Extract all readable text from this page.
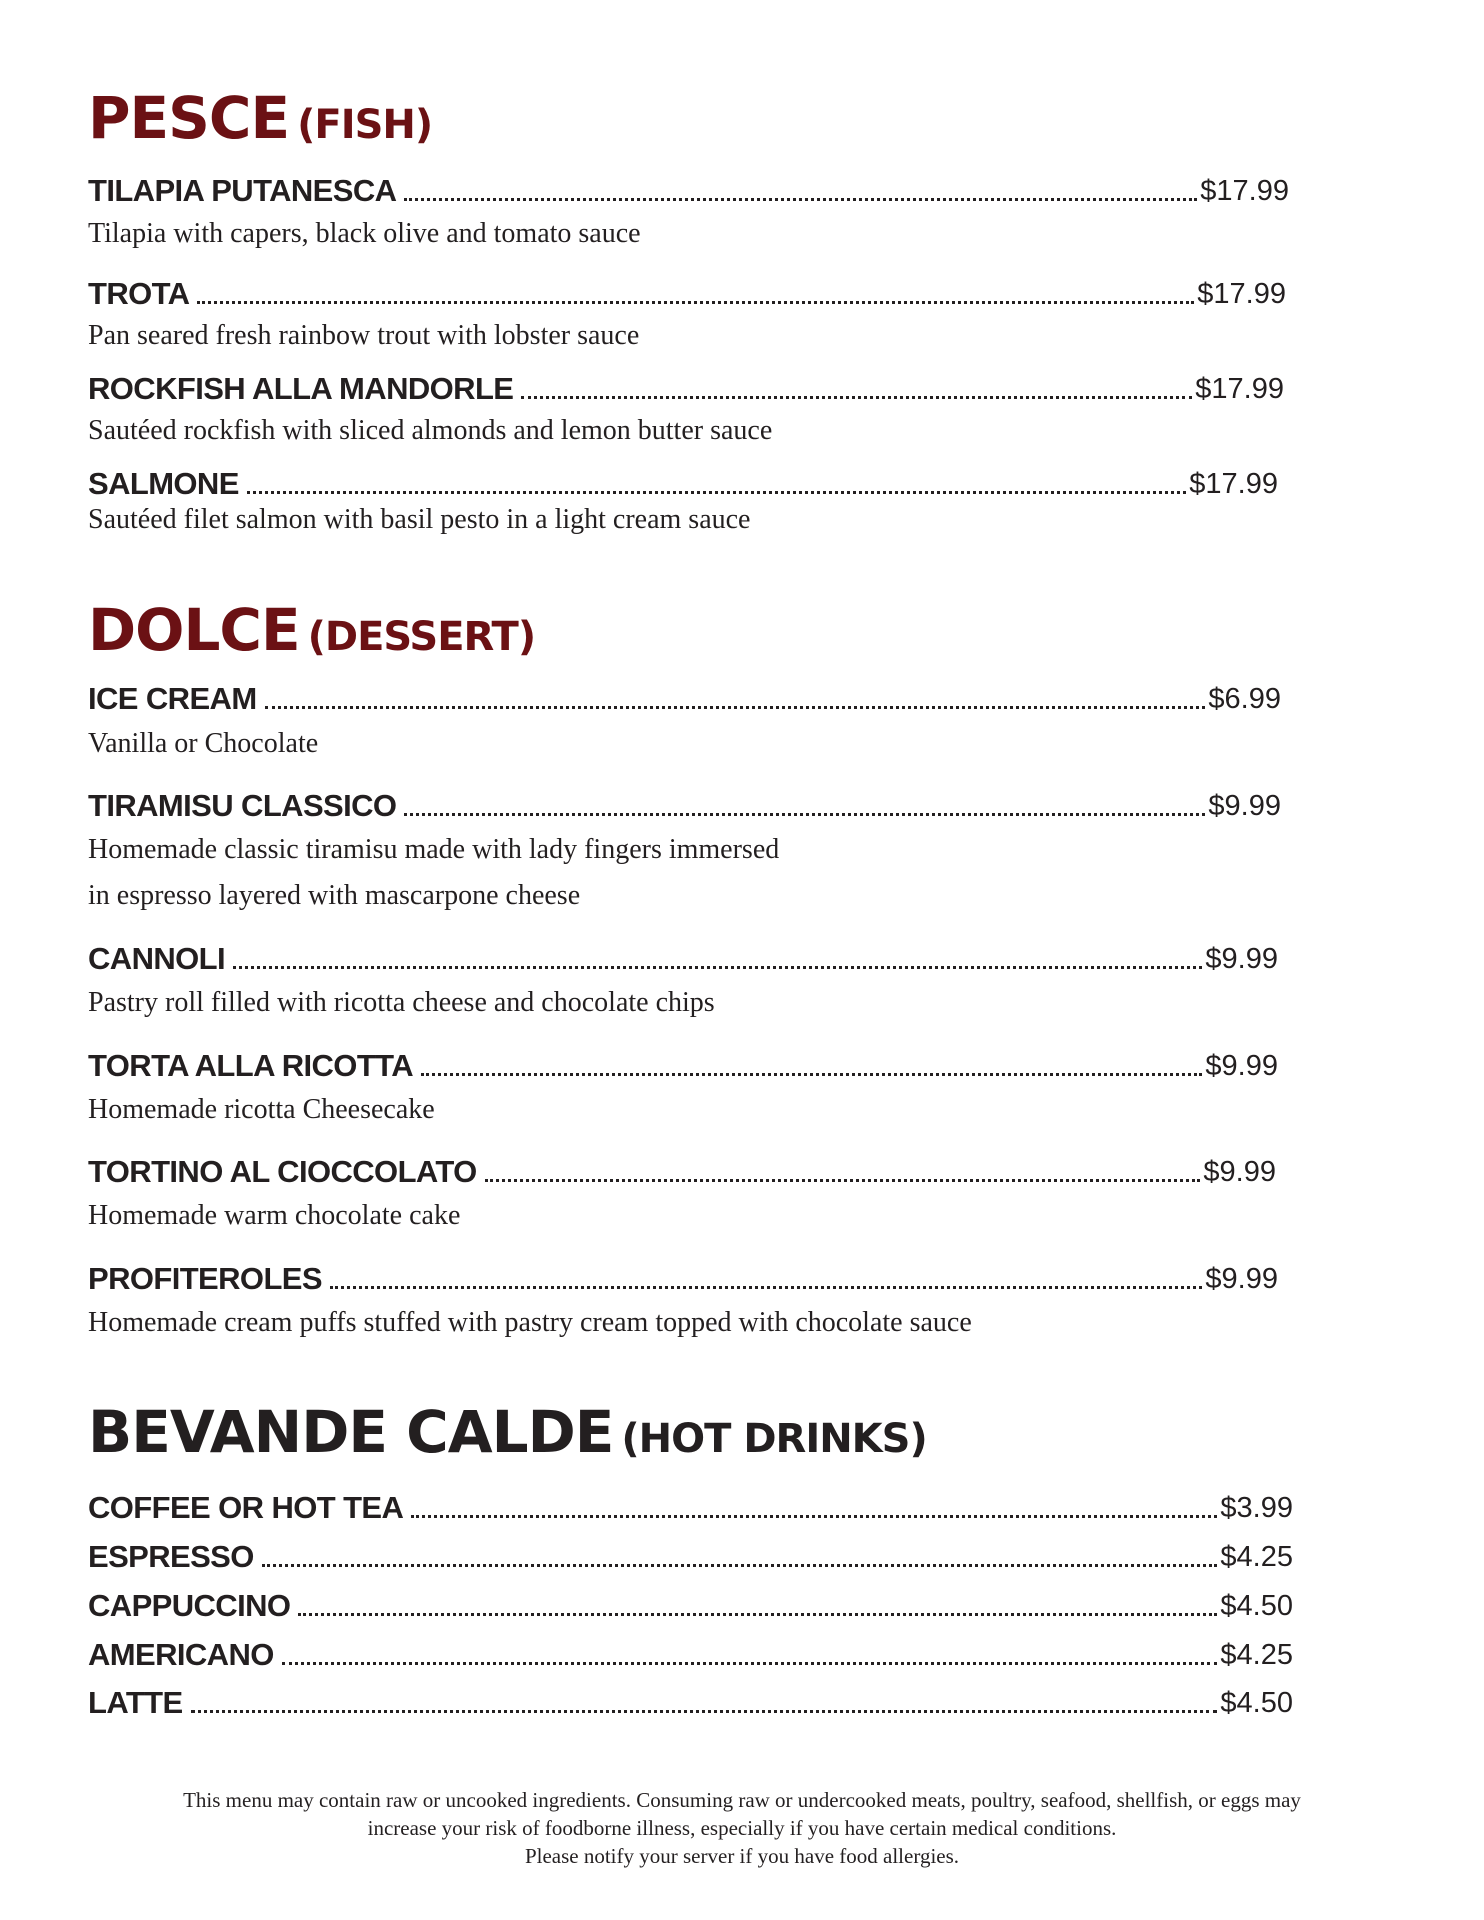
PESCE (FISH)
TILAPIA PUTANESCA	$17.99

Tilapia with capers, black olive and tomato sauce

TROTA	$17.99

Pan seared fresh rainbow trout with lobster sauce

ROCKFISH ALLA MANDORLE	$17.99

Sautéed rockfish with sliced almonds and lemon butter sauce

SALMONE	$17.99

Sautéed filet salmon with basil pesto in a light cream sauce

DOLCE (DESSERT)
ICE CREAM	$6.99

Vanilla or Chocolate

TIRAMISU CLASSICO	$9.99

Homemade classic tiramisu made with lady fingers immersed

in espresso layered with mascarpone cheese

CANNOLI	$9.99

Pastry roll filled with ricotta cheese and chocolate chips

TORTA ALLA RICOTTA	$9.99

Homemade ricotta Cheesecake

TORTINO AL CIOCCOLATO	$9.99

Homemade warm chocolate cake

PROFITEROLES	$9.99

Homemade cream puffs stuffed with pastry cream topped with chocolate sauce

BEVANDE CALDE (HOT DRINKS)
COFFEE OR HOT TEA	$3.99
ESPRESSO	$4.25
CAPPUCCINO	$4.50
AMERICANO	$4.25
LATTE	$4.50
This menu may contain raw or uncooked ingredients. Consuming raw or undercooked meats, poultry, seafood, shellfish, or eggs may
increase your risk of foodborne illness, especially if you have certain medical conditions.
Please notify your server if you have food allergies.
